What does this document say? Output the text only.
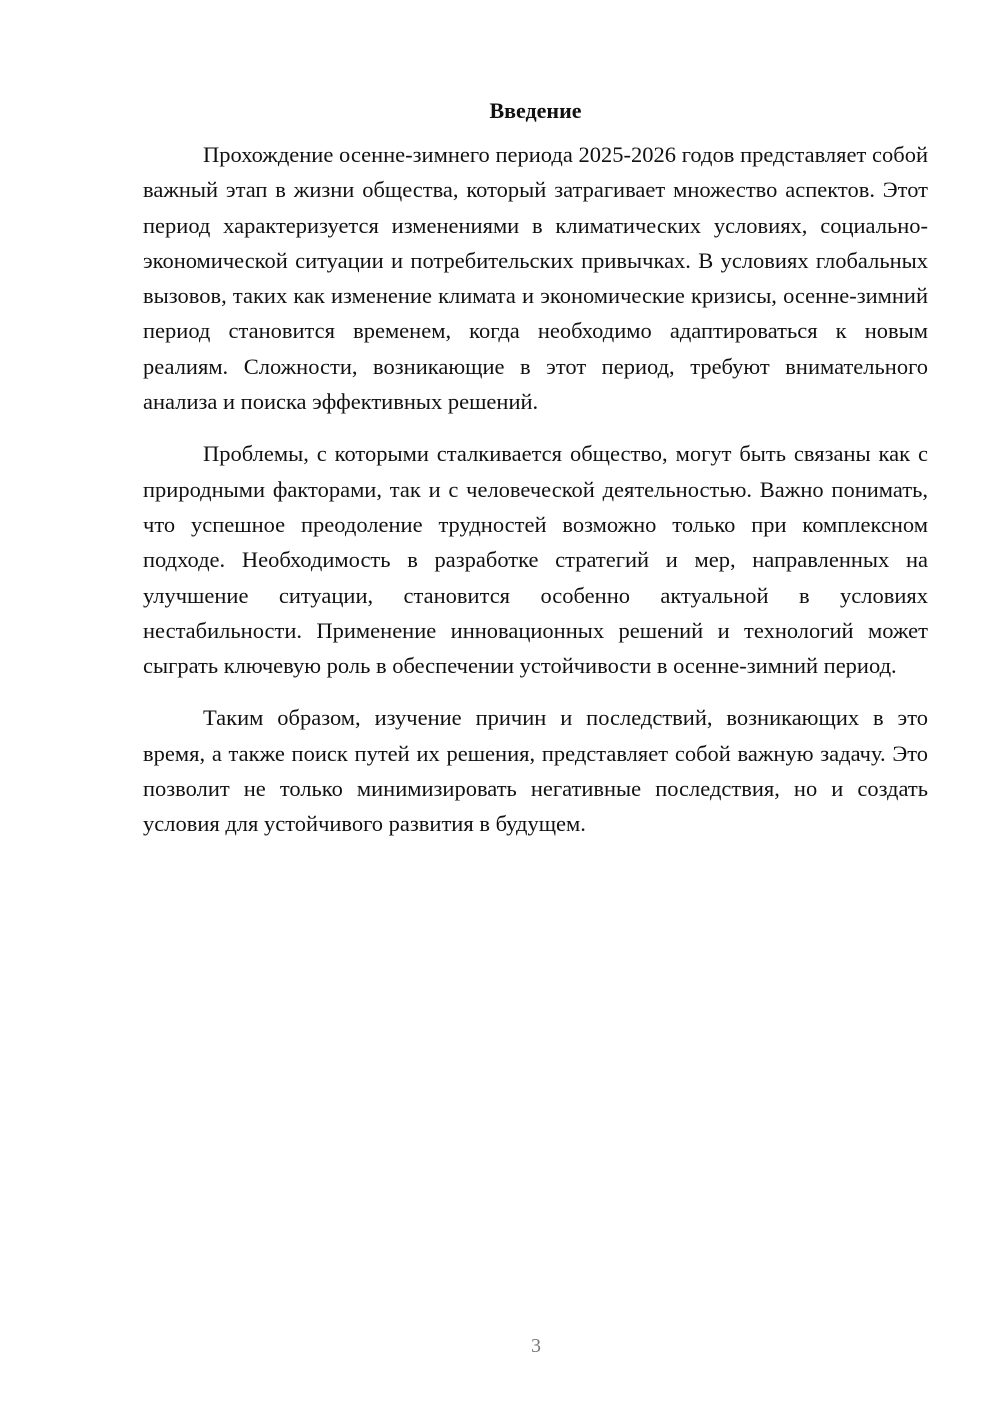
Введение

Прохождение осенне-зимнего периода 2025-2026 годов представляет собой важный этап в жизни общества, который затрагивает множество аспектов. Этот период характеризуется изменениями в климатических условиях, социально-экономической ситуации и потребительских привычках. В условиях глобальных вызовов, таких как изменение климата и экономические кризисы, осенне-зимний период становится временем, когда необходимо адаптироваться к новым реалиям. Сложности, возникающие в этот период, требуют внимательного анализа и поиска эффективных решений.

Проблемы, с которыми сталкивается общество, могут быть связаны как с природными факторами, так и с человеческой деятельностью. Важно понимать, что успешное преодоление трудностей возможно только при комплексном подходе. Необходимость в разработке стратегий и мер, направленных на улучшение ситуации, становится особенно актуальной в условиях нестабильности. Применение инновационных решений и технологий может сыграть ключевую роль в обеспечении устойчивости в осенне-зимний период.

Таким образом, изучение причин и последствий, возникающих в это время, а также поиск путей их решения, представляет собой важную задачу. Это позволит не только минимизировать негативные последствия, но и создать условия для устойчивого развития в будущем.

3
